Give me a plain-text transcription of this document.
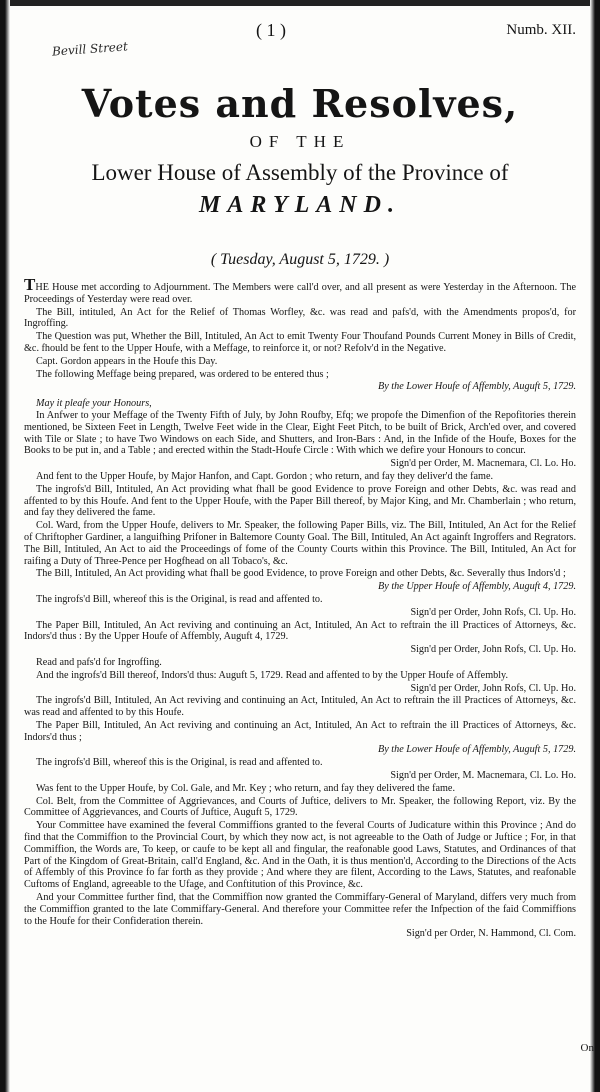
Bevill Street
( 1 )	Numb. XII.
Votes and Resolves,
OF THE
Lower House of Assembly of the Province of
MARYLAND.
( Tuesday, August 5, 1729. )

THE House met according to Adjournment. The Members were call'd over, and all present as were Yesterday in the Afternoon. The Proceedings of Yesterday were read over.

The Bill, intituled, An Act for the Relief of Thomas Worfley, &c. was read and pafs'd, with the Amendments propos'd, for Ingroffing.

The Question was put, Whether the Bill, Intituled, An Act to emit Twenty Four Thoufand Pounds Current Money in Bills of Credit, &c. fhould be fent to the Upper Houfe, with a Meffage, to reinforce it, or not? Refolv'd in the Negative.

Capt. Gordon appears in the Houfe this Day.

The following Meffage being prepared, was ordered to be entered thus ;

By the Lower Houfe of Affembly, Auguft 5, 1729.

May it pleafe your Honours,

In Anfwer to your Meffage of the Twenty Fifth of July, by John Roufby, Efq; we propofe the Dimenfion of the Repofitories therein mentioned, be Sixteen Feet in Length, Twelve Feet wide in the Clear, Eight Feet Pitch, to be built of Brick, Arch'ed over, and covered with Tile or Slate ; to have Two Windows on each Side, and Shutters, and Iron-Bars : And, in the Infide of the Houfe, Boxes for the Books to be put in, and a Table ; and erected within the Stadt-Houfe Circle : With which we defire your Honours to concur.

Sign'd per Order, M. Macnemara, Cl. Lo. Ho.

And fent to the Upper Houfe, by Major Hanfon, and Capt. Gordon ; who return, and fay they deliver'd the fame.

The ingrofs'd Bill, Intituled, An Act providing what fhall be good Evidence to prove Foreign and other Debts, &c. was read and affented to by this Houfe. And fent to the Upper Houfe, with the Paper Bill thereof, by Major King, and Mr. Chamberlain ; who return, and fay they delivered the fame.

Col. Ward, from the Upper Houfe, delivers to Mr. Speaker, the following Paper Bills, viz. The Bill, Intituled, An Act for the Relief of Chriftopher Gardiner, a languifhing Prifoner in Baltemore County Goal. The Bill, Intituled, An Act againft Ingroffers and Regrators. The Bill, Intituled, An Act to aid the Proceedings of fome of the County Courts within this Province. The Bill, Intituled, An Act for raifing a Duty of Three-Pence per Hogfhead on all Tobaco's, &c.

The Bill, Intituled, An Act providing what fhall be good Evidence, to prove Foreign and other Debts, &c. Severally thus Indors'd ;

By the Upper Houfe of Affembly, Auguft 4, 1729.

The ingrofs'd Bill, whereof this is the Original, is read and affented to.

Sign'd per Order, John Rofs, Cl. Up. Ho.

The Paper Bill, Intituled, An Act reviving and continuing an Act, Intituled, An Act to reftrain the ill Practices of Attorneys, &c. Indors'd thus : By the Upper Houfe of Affembly, Auguft 4, 1729.

Sign'd per Order, John Rofs, Cl. Up. Ho.

Read and pafs'd for Ingroffing.

And the ingrofs'd Bill thereof, Indors'd thus: Auguft 5, 1729. Read and affented to by the Upper Houfe of Affembly.

Sign'd per Order, John Rofs, Cl. Up. Ho.

The ingrofs'd Bill, Intituled, An Act reviving and continuing an Act, Intituled, An Act to reftrain the ill Practices of Attorneys, &c. was read and affented to by this Houfe.

The Paper Bill, Intituled, An Act reviving and continuing an Act, Intituled, An Act to reftrain the ill Practices of Attorneys, &c. Indors'd thus ;

By the Lower Houfe of Affembly, Auguft 5, 1729.

The ingrofs'd Bill, whereof this is the Original, is read and affented to.

Sign'd per Order, M. Macnemara, Cl. Lo. Ho.

Was fent to the Upper Houfe, by Col. Gale, and Mr. Key ; who return, and fay they delivered the fame.

Col. Belt, from the Committee of Aggrievances, and Courts of Juftice, delivers to Mr. Speaker, the following Report, viz. By the Committee of Aggrievances, and Courts of Juftice, Auguft 5, 1729.

Your Committee have examined the feveral Commiffions granted to the feveral Courts of Judicature within this Province ; And do find that the Commiffion to the Provincial Court, by which they now act, is not agreeable to the Oath of Judge or Juftice ; For, in that Commiffion, the Words are, To keep, or caufe to be kept all and fingular, the reafonable good Laws, Statutes, and Ordinances of that Part of the Kingdom of Great-Britain, call'd England, &c. And in the Oath, it is thus mention'd, According to the Directions of the Acts of Affembly of this Province fo far forth as they provide ; And where they are filent, According to the Laws, Statutes, and reafonable Cuftoms of England, agreeable to the Ufage, and Conftitution of this Province, &c.

And your Committee further find, that the Commiffion now granted the Commiffary-General of Maryland, differs very much from the Commiffion granted to the late Commiffary-General. And therefore your Committee refer the Infpection of the faid Commiffions to the Houfe for their Confideration therein.

Sign'd per Order, N. Hammond, Cl. Com.

On
